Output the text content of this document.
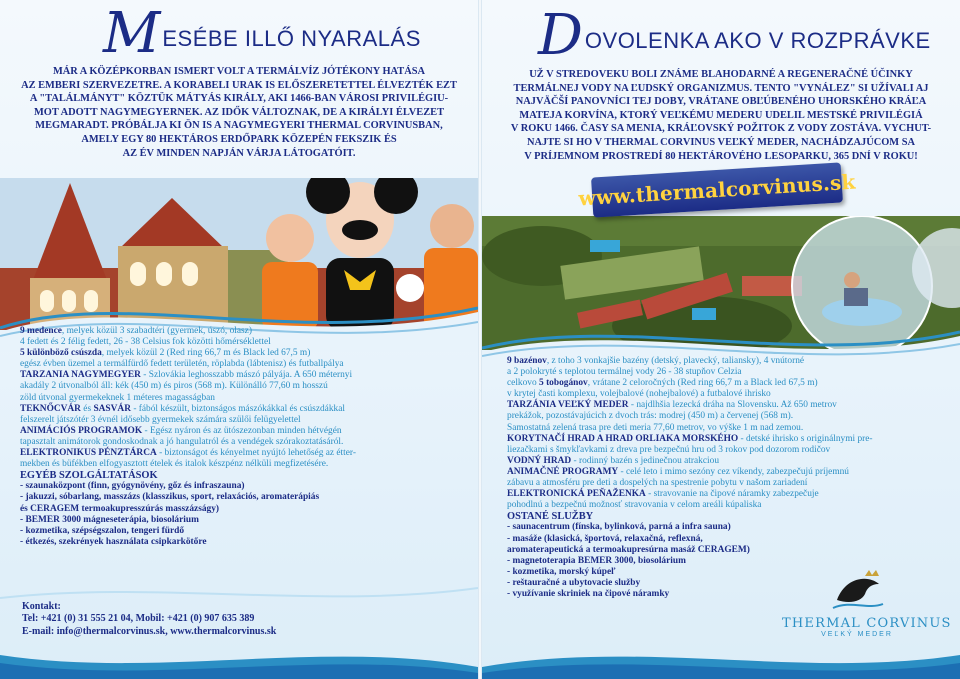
MESÉBE ILLŐ NYARALÁS
MÁR A KÖZÉPKORBAN ISMERT VOLT A TERMÁLVÍZ JÓTÉKONY HATÁSA
AZ EMBERI SZERVEZETRE. A KORABELI URAK IS ELŐSZERETETTEL ÉLVEZTÉK EZT
A "TALÁLMÁNYT" KÖZTÜK MÁTYÁS KIRÁLY, AKI 1466-BAN VÁROSI PRIVILÉGIU-
MOT ADOTT NAGYMEGYERNEK. AZ IDŐK VÁLTOZNAK, DE A KIRÁLYI ÉLVEZET
MEGMARADT. PRÓBÁLJA KI ÖN IS A NAGYMEGYERI THERMAL CORVINUSBAN,
AMELY EGY 80 HEKTÁROS ERDŐPARK KÖZEPÉN FEKSZIK ÉS
AZ ÉV MINDEN NAPJÁN VÁRJA LÁTOGATÓIT.
9 medence, melyek közül 3 szabadtéri (gyermek, úszó, olasz)
4 fedett és 2 félig fedett, 26 - 38 Celsius fok közötti hőmérséklettel
5 különböző csúszda, melyek közül 2 (Red ring 66,7 m és Black led 67,5 m)
egész évben üzemel a termálfürdő fedett területén, röplabda (lábtenisz) és futballpálya
TARZANIA NAGYMEGYER - Szlovákia leghosszabb mászó pályája. A 650 méternyi
akadály 2 útvonalból áll: kék (450 m) és piros (568 m). Különálló 77,60 m hosszú
zöld útvonal gyermekeknek 1 méteres magasságban
TEKNŐCVÁR és SASVÁR - fából készült, biztonságos mászókákkal és csúszdákkal
felszerelt játszótér 3 évnél idősebb gyermekek számára szülői felügyelettel
ANIMÁCIÓS PROGRAMOK - Egész nyáron és az ütószezonban minden hétvégén
tapasztalt animátorok gondoskodnak a jó hangulatról és a vendégek szórakoztatásáról.
ELEKTRONIKUS PÉNZTÁRCA - biztonságot és kényelmet nyújtó lehetőség az étter-
mekben és büfékben elfogyasztott ételek és italok készpénz nélküli megfizetésére.
EGYÉB SZOLGÁLTATÁSOK
- szaunaközpont (finn, gyógynövény, gőz és infraszauna)
- jakuzzi, sóbarlang, masszázs (klasszikus, sport, relaxációs, aromaterápiás
és CERAGEM termoakupresszúrás masszázságy)
- BEMER 3000 mágneseterápia, biosolárium
- kozmetika, szépségszalon, tengeri fürdő
- étkezés, szekrények használata csipkarkötőre
Kontakt:
Tel: +421 (0) 31 555 21 04, Mobil: +421 (0) 907 635 389
E-mail: info@thermalcorvinus.sk, www.thermalcorvinus.sk
DOVOLENKA AKO V ROZPRÁVKE
UŽ V STREDOVEKU BOLI ZNÁME BLAHODARNÉ A REGENERAČNÉ ÚČINKY
TERMÁLNEJ VODY NA ĽUDSKÝ ORGANIZMUS. TENTO "VYNÁLEZ" SI UŽÍVALI AJ
NAJVÄČŠÍ PANOVNÍCI TEJ DOBY, VRÁTANE OBĽÚBENÉHO UHORSKÉHO KRÁĽA
MATEJA KORVÍNA, KTORÝ VEĽKÉMU MEDERU UDELIL MESTSKÉ PRIVILÉGIÁ
V ROKU 1466. ČASY SA MENIA, KRÁĽOVSKÝ POŽITOK Z VODY ZOSTÁVA. VYCHUT-
NAJTE SI HO V THERMAL CORVINUS VEĽKÝ MEDER, NACHÁDZAJÚCOM SA
V PRÍJEMNOM PROSTREDÍ 80 HEKTÁROVÉHO LESOPARKU, 365 DNÍ V ROKU!
www.thermalcorvinus.sk
9 bazénov, z toho 3 vonkajšie bazény (detský, plavecký, taliansky), 4 vnútorné
a 2 polokryté s teplotou termálnej vody 26 - 38 stupňov Celzia
celkovo 5 tobogánov, vrátane 2 celoročných (Red ring 66,7 m a Black led 67,5 m)
v krytej časti komplexu, volejbalové (nohejbalové) a futbalové ihrisko
TARZÁNIA VEĽKÝ MEDER - najdlhšia lezecká dráha na Slovensku. Až 650 metrov
prekážok, pozostávajúcich z dvoch trás: modrej (450 m) a červenej (568 m).
Samostatná zelená trasa pre deti meria 77,60 metrov, vo výške 1 m nad zemou.
KORYTNAČÍ HRAD A HRAD ORLIAKA MORSKÉHO - detské ihrisko s originálnymi pre-
liezačkami s šmykľavkami z dreva pre bezpečnú hru od 3 rokov pod dozorom rodičov
VODNÝ HRAD - rodinný bazén s jedinečnou atrakciou
ANIMAČNÉ PROGRAMY - celé leto i mimo sezóny cez víkendy, zabezpečujú príjemnú
zábavu a atmosféru pre deti a dospelých na spestrenie pobytu v našom zariadení
ELEKTRONICKÁ PEŇAŽENKA - stravovanie na čipové náramky zabezpečuje
pohodlnú a bezpečnú možnosť stravovania v celom areáli kúpaliska
OSTANÉ SLUŽBY
- saunacentrum (fínska, bylinková, parná a infra sauna)
- masáže (klasická, športová, relaxačná, reflexná,
aromaterapeutická a termoakupresúrna masáž CERAGEM)
- magnetoterapia BEMER 3000, biosolárium
- kozmetika, morský kúpeľ
- reštauračné a ubytovacie služby
- využívanie skriniek na čipové náramky
THERMAL CORVINUS
VEĽKÝ MEDER
